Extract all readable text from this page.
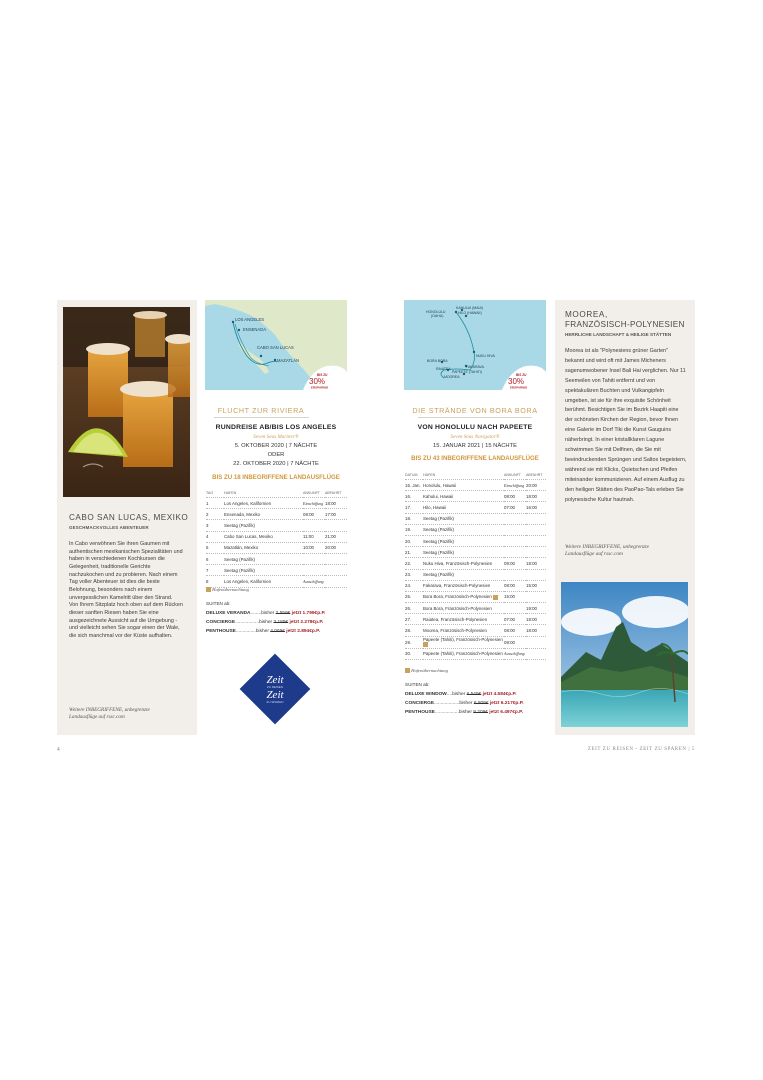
CABO SAN LUCAS, MEXIKO
GESCHMACKVOLLES ABENTEUER
In Cabo verwöhnen Sie ihren Gaumen mit authentischen mexikanischen Spezialitäten und haben in verschiedenen Kochkursen die Gelegenheit, traditionelle Gerichte nachzukochen und zu probieren. Nach einem Tag voller Abenteuer ist dies die beste Belohnung, besonders nach einem unvergesslichen Kamelritt über den Strand. Von Ihrem Sitzplatz hoch oben auf dem Rücken dieser sanften Riesen haben Sie eine ausgezeichnete Aussicht auf die Umgebung - und vielleicht sehen Sie sogar einen der Wale, die sich manchmal vor der Küste aufhalten.
Weitere INBEGRIFFENE, unbegrenzte Landausflüge auf rssc.com
LOS ANGELES
ENSENADA
CABO SAN LUCAS
MAZATLÁN
BIS ZU
30%
ERSPARNIS
FLUCHT ZUR RIVIERA
RUNDREISE AB/BIS LOS ANGELES
Seven Seas Mariner®
5. OKTOBER 2020 | 7 NÄCHTE
ODER
22. OKTOBER 2020 | 7 NÄCHTE
BIS ZU 18 INBEGRIFFENE LANDAUSFLÜGE
TAG	HAFEN	ANKUNFT	ABFAHRT
1	Los Angeles, Kalifornien	Einschiffung	18:00
2	Ensenada, Mexiko	08:00	17:00
3	Seetag (Pazifik)		
4	Cabo San Lucas, Mexiko	11:00	21:00
5	Mazatlán, Mexiko	10:00	20:00
6	Seetag (Pazifik)		
7	Seetag (Pazifik)		
8	Los Angeles, Kalifornien	Ausschiffung	
Hafenübernachtung
SUITEN ab:
DELUXE VERANDA........bisher 2.559€ jetzt 1.799€p.P.
CONCIERGE..................bisher 3.189€ jetzt 2.278€p.P.
PENTHOUSE...............bisher 4.069€ jetzt 2.894€p.P.
Zeit
ZU REISEN
Zeit
ZU SPAREN
KAHULUI (MAUI)
HONOLULU
(OAHU)
HILO (HAWAII)
NUKU HIVA
BORA BORA
RAIATEA	FAKARAVA
PAPEETE (TAHITI)
MOOREA	BIS ZU
30%
ERSPARNIS
DIE STRÄNDE VON BORA BORA
VON HONOLULU NACH PAPEETE
Seven Seas Navigator®
15. JANUAR 2021 | 15 NÄCHTE
BIS ZU 43 INBEGRIFFENE LANDAUSFLÜGE
DATUM	HAFEN	ANKUNFT	ABFAHRT
15. Jan.	Honolulu, Hawaii	Einschiffung	20:00
16.	Kahului, Hawaii	08:00	18:00
17.	Hilo, Hawaii	07:00	16:00
18.	Seetag (Pazifik)		
19.	Seetag (Pazifik)		
20.	Seetag (Pazifik)		
21.	Seetag (Pazifik)		
22.	Nuku Hiva, Französisch-Polynesien	09:00	18:00
23.	Seetag (Pazifik)		
24.	Fakarava, Französisch-Polynesien	08:00	15:00
25.	Bora Bora, Französisch-Polynesien	15:00	
26.	Bora Bora, Französisch-Polynesien		19:00
27.	Raiatea, Französisch-Polynesien	07:00	18:00
28.	Moorea, Französisch-Polynesien	08:00	18:00
29.	Papeete (Tahiti), Französisch-Polynesien	08:00	
30.	Papeete (Tahiti), Französisch-Polynesien	Ausschiffung	
Hafenübernachtung
SUITEN ab:
DELUXE WINDOW....bisher 6.549€ jetzt 4.584€p.P.
CONCIERGE...................bisher 8.809€ jetzt 6.217€p.P.
PENTHOUSE..................bisher 9.209€ jetzt 6.497€p.P.
MOOREA,
FRANZÖSISCH-POLYNESIEN
HERRLICHE LANDSCHAFT & HEILIGE STÄTTEN
Moorea ist als "Polynesiens grüner Garten" bekannt und wird oft mit James Micheners sagenumwobener Insel Bali Hai verglichen. Nur 11 Seemeilen von Tahiti entfernt und von spektakulären Buchten und Vulkangipfeln umgeben, ist sie für ihre exquisite Schönheit berühmt. Besichtigen Sie im Bezirk Haapiti eine der schönsten Kirchen der Region, bevor Ihnen eine Galerie im Dorf Tiki die Kunst Gauguins näherbringt. In einer kristallklaren Lagune schwimmen Sie mit Delfinen, die Sie mit beeindruckenden Sprüngen und Saltos begeistern, während sie mit Klicks, Quietschen und Pfeifen miteinander kommunizieren. Auf einem Ausflug zu den heiligen Stätten des PaoPao-Tals erleben Sie polynesische Kultur hautnah.
Weitere INBEGRIFFENE, unbegrenzte Landausflüge auf rssc.com
4	ZEIT ZU REISEN - ZEIT ZU SPAREN | 5
